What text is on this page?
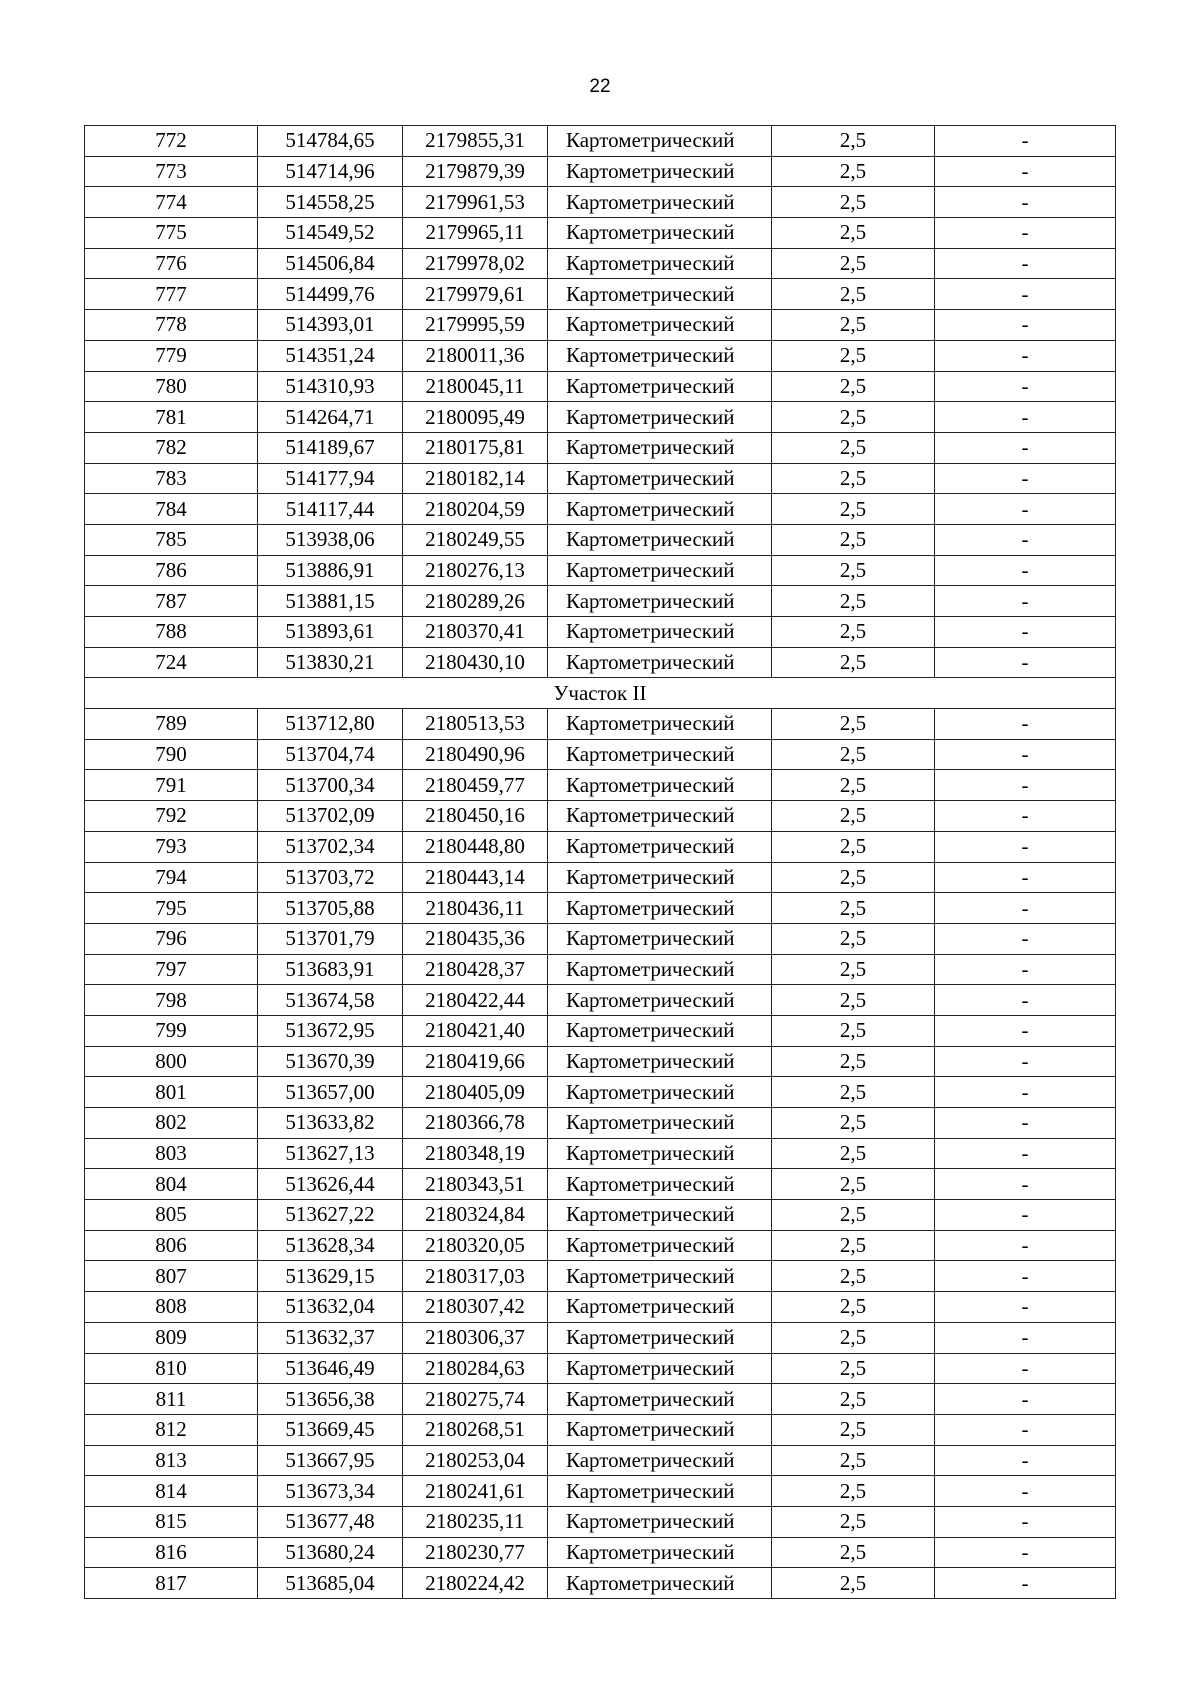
22
772	514784,65	2179855,31	Картометрический	2,5	-
773	514714,96	2179879,39	Картометрический	2,5	-
774	514558,25	2179961,53	Картометрический	2,5	-
775	514549,52	2179965,11	Картометрический	2,5	-
776	514506,84	2179978,02	Картометрический	2,5	-
777	514499,76	2179979,61	Картометрический	2,5	-
778	514393,01	2179995,59	Картометрический	2,5	-
779	514351,24	2180011,36	Картометрический	2,5	-
780	514310,93	2180045,11	Картометрический	2,5	-
781	514264,71	2180095,49	Картометрический	2,5	-
782	514189,67	2180175,81	Картометрический	2,5	-
783	514177,94	2180182,14	Картометрический	2,5	-
784	514117,44	2180204,59	Картометрический	2,5	-
785	513938,06	2180249,55	Картометрический	2,5	-
786	513886,91	2180276,13	Картометрический	2,5	-
787	513881,15	2180289,26	Картометрический	2,5	-
788	513893,61	2180370,41	Картометрический	2,5	-
724	513830,21	2180430,10	Картометрический	2,5	-
Участок II					
789	513712,80	2180513,53	Картометрический	2,5	-
790	513704,74	2180490,96	Картометрический	2,5	-
791	513700,34	2180459,77	Картометрический	2,5	-
792	513702,09	2180450,16	Картометрический	2,5	-
793	513702,34	2180448,80	Картометрический	2,5	-
794	513703,72	2180443,14	Картометрический	2,5	-
795	513705,88	2180436,11	Картометрический	2,5	-
796	513701,79	2180435,36	Картометрический	2,5	-
797	513683,91	2180428,37	Картометрический	2,5	-
798	513674,58	2180422,44	Картометрический	2,5	-
799	513672,95	2180421,40	Картометрический	2,5	-
800	513670,39	2180419,66	Картометрический	2,5	-
801	513657,00	2180405,09	Картометрический	2,5	-
802	513633,82	2180366,78	Картометрический	2,5	-
803	513627,13	2180348,19	Картометрический	2,5	-
804	513626,44	2180343,51	Картометрический	2,5	-
805	513627,22	2180324,84	Картометрический	2,5	-
806	513628,34	2180320,05	Картометрический	2,5	-
807	513629,15	2180317,03	Картометрический	2,5	-
808	513632,04	2180307,42	Картометрический	2,5	-
809	513632,37	2180306,37	Картометрический	2,5	-
810	513646,49	2180284,63	Картометрический	2,5	-
811	513656,38	2180275,74	Картометрический	2,5	-
812	513669,45	2180268,51	Картометрический	2,5	-
813	513667,95	2180253,04	Картометрический	2,5	-
814	513673,34	2180241,61	Картометрический	2,5	-
815	513677,48	2180235,11	Картометрический	2,5	-
816	513680,24	2180230,77	Картометрический	2,5	-
817	513685,04	2180224,42	Картометрический	2,5	-
